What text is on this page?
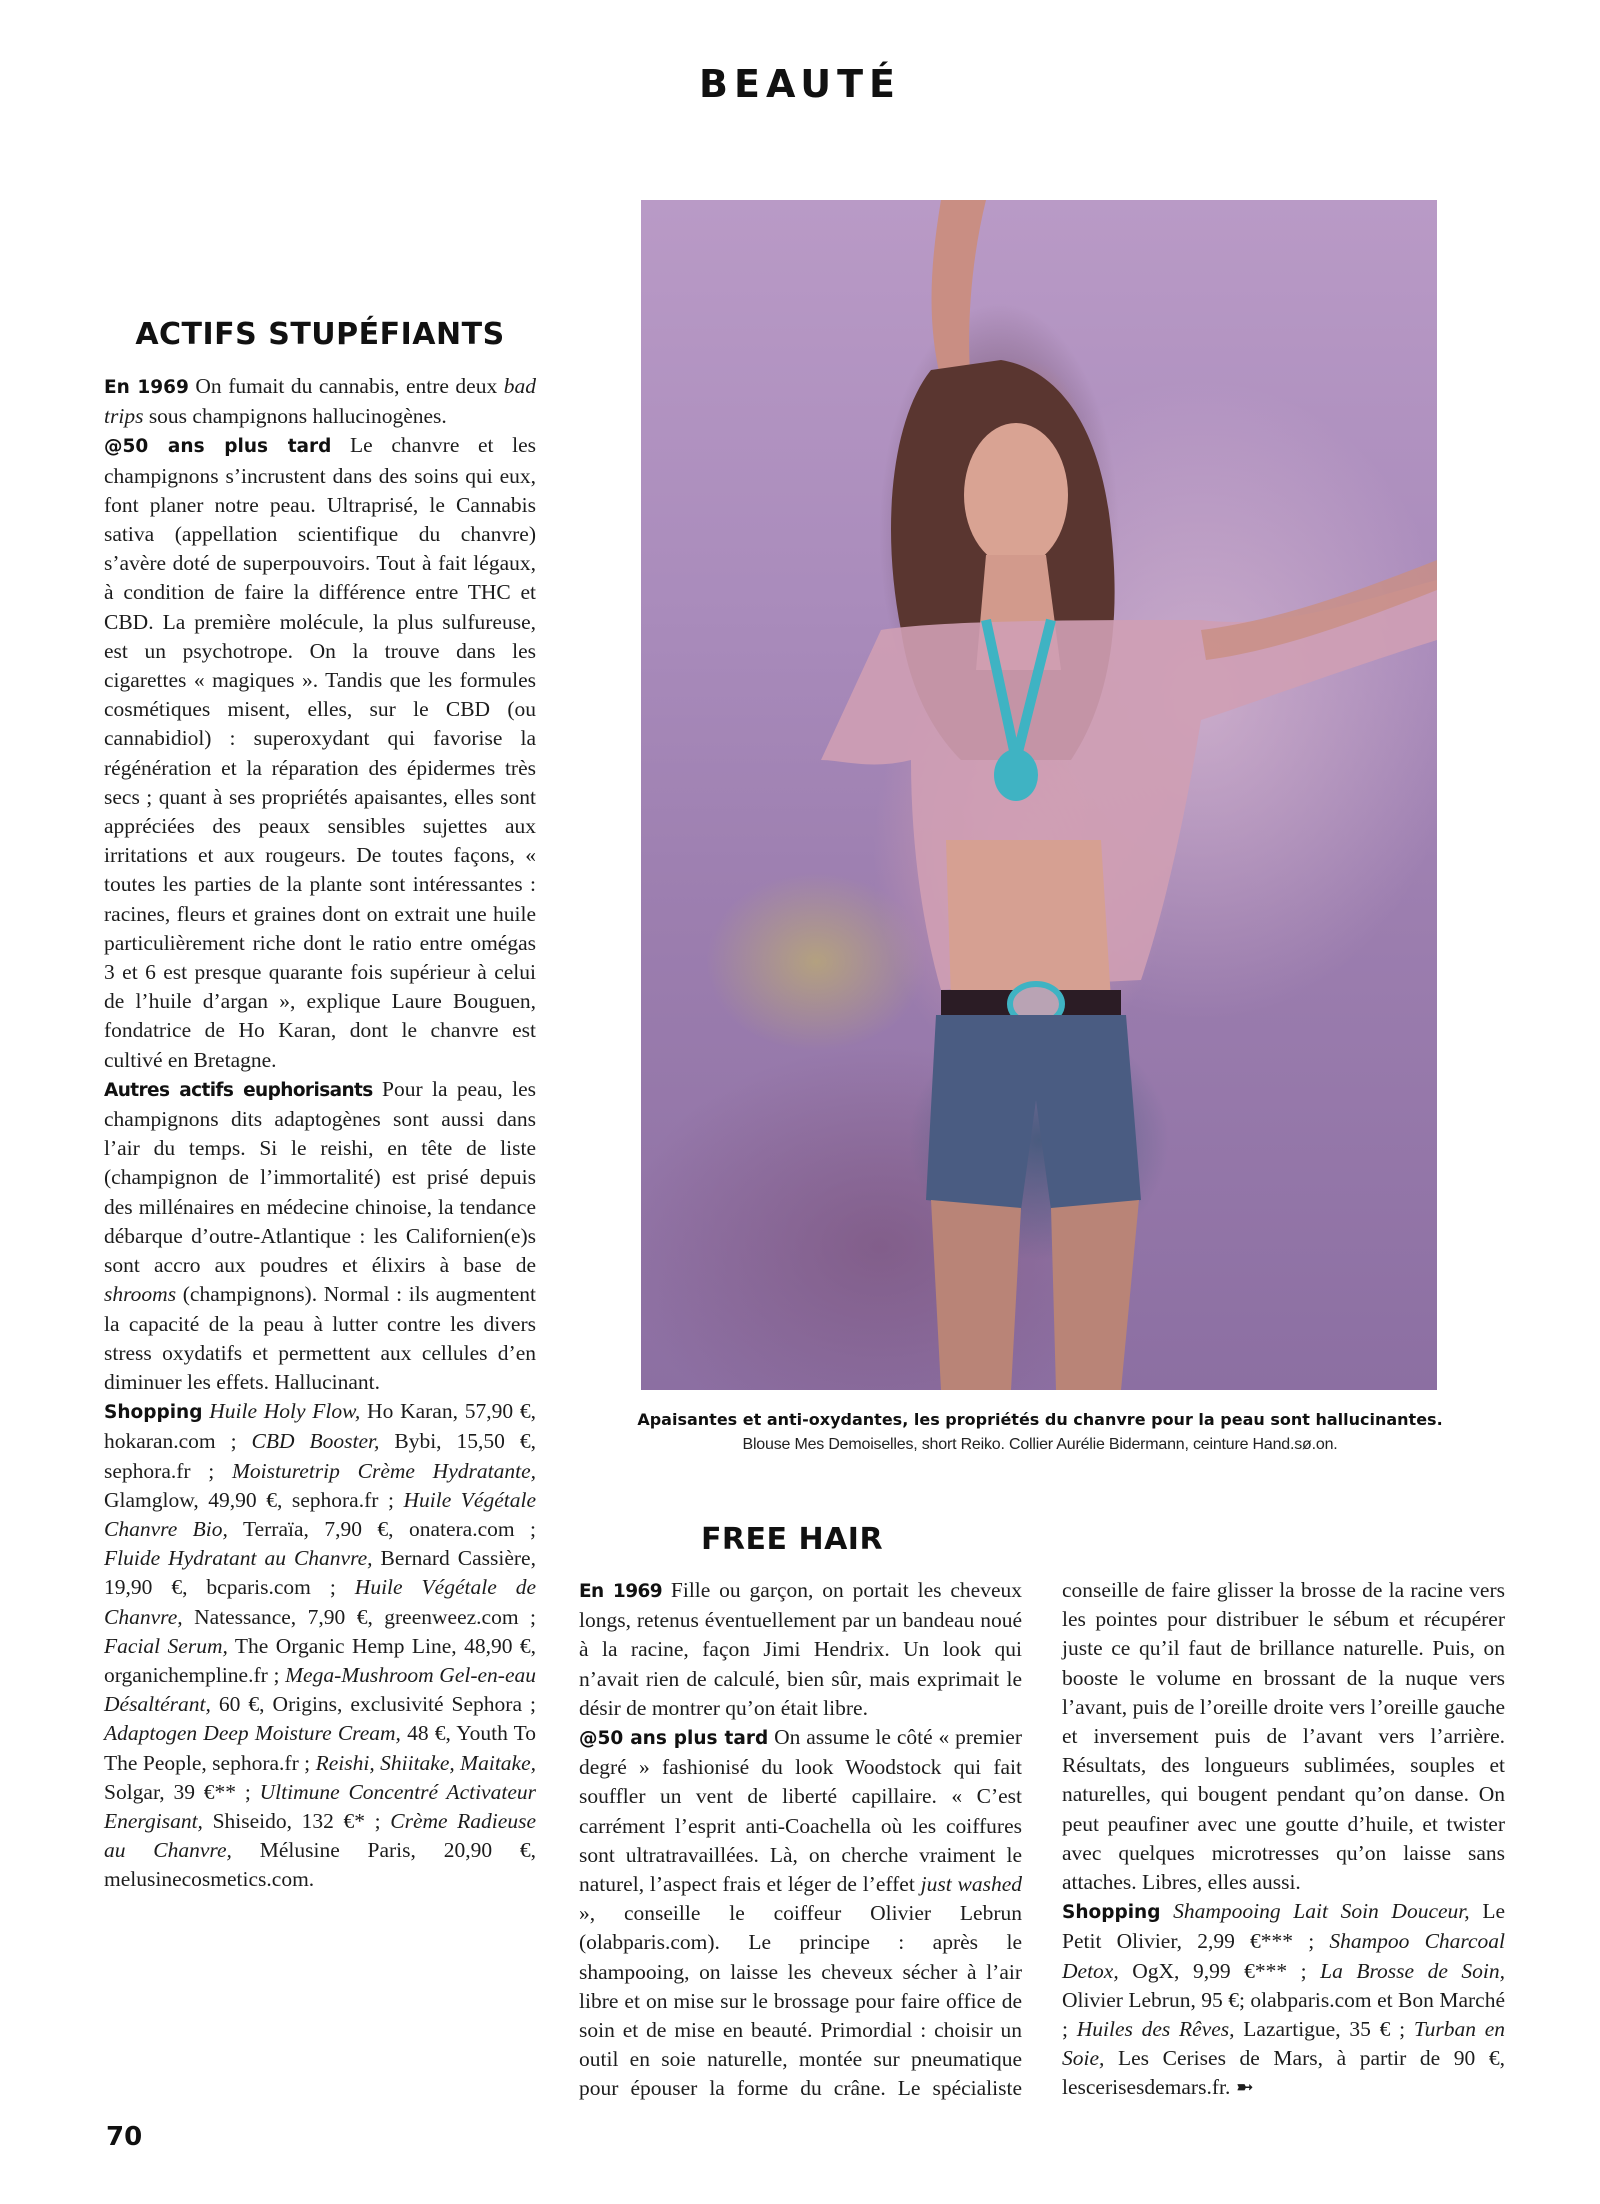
BEAUTÉ
ACTIFS STUPÉFIANTS

En 1969 On fumait du cannabis, entre deux bad trips sous champignons hallucinogènes.

@50 ans plus tard Le chanvre et les champignons s’incrustent dans des soins qui eux, font planer notre peau. Ultraprisé, le Cannabis sativa (appellation scientifique du chanvre) s’avère doté de superpouvoirs. Tout à fait légaux, à condition de faire la différence entre THC et CBD. La première molécule, la plus sulfureuse, est un psychotrope. On la trouve dans les cigarettes « magiques ». Tandis que les formules cosmétiques misent, elles, sur le CBD (ou cannabidiol) : superoxydant qui favorise la régénération et la réparation des épidermes très secs ; quant à ses propriétés apaisantes, elles sont appréciées des peaux sensibles sujettes aux irritations et aux rougeurs. De toutes façons, « toutes les parties de la plante sont intéressantes : racines, fleurs et graines dont on extrait une huile particulièrement riche dont le ratio entre omégas 3 et 6 est presque quarante fois supérieur à celui de l’huile d’argan », explique Laure Bouguen, fondatrice de Ho Karan, dont le chanvre est cultivé en Bretagne.

Autres actifs euphorisants Pour la peau, les champignons dits adaptogènes sont aussi dans l’air du temps. Si le reishi, en tête de liste (champignon de l’immortalité) est prisé depuis des millénaires en médecine chinoise, la tendance débarque d’outre-Atlantique : les Californien(e)s sont accro aux poudres et élixirs à base de shrooms (champignons). Normal : ils augmentent la capacité de la peau à lutter contre les divers stress oxydatifs et permettent aux cellules d’en diminuer les effets. Hallucinant.

Shopping Huile Holy Flow, Ho Karan, 57,90 €, hokaran.com ; CBD Booster, Bybi, 15,50 €, sephora.fr ; Moisturetrip Crème Hydratante, Glamglow, 49,90 €, sephora.fr ; Huile Végétale Chanvre Bio, Terraïa, 7,90 €, onatera.com ; Fluide Hydratant au Chanvre, Bernard Cassière, 19,90 €, bcparis.com ; Huile Végétale de Chanvre, Natessance, 7,90 €, greenweez.com ; Facial Serum, The Organic Hemp Line, 48,90 €, organichempline.fr ; Mega-Mushroom Gel-en-eau Désaltérant, 60 €, Origins, exclusivité Sephora ; Adaptogen Deep Moisture Cream, 48 €, Youth To The People, sephora.fr ; Reishi, Shiitake, Maitake, Solgar, 39 €** ; Ultimune Concentré Activateur Energisant, Shiseido, 132 €* ; Crème Radieuse au Chanvre, Mélusine Paris, 20,90 €, melusinecosmetics.com.

Apaisantes et anti-oxydantes, les propriétés du chanvre pour la peau sont hallucinantes.
Blouse Mes Demoiselles, short Reiko. Collier Aurélie Bidermann, ceinture Hand.sø.on.
FREE HAIR

En 1969 Fille ou garçon, on portait les cheveux longs, retenus éventuellement par un bandeau noué à la racine, façon Jimi Hendrix. Un look qui n’avait rien de calculé, bien sûr, mais exprimait le désir de montrer qu’on était libre.

@50 ans plus tard On assume le côté « premier degré » fashionisé du look Woodstock qui fait souffler un vent de liberté capillaire. « C’est carrément l’esprit anti-Coachella où les coiffures sont ultratravaillées. Là, on cherche vraiment le naturel, l’aspect frais et léger de l’effet just washed », conseille le coiffeur Olivier Lebrun (olabparis.com). Le principe : après le shampooing, on laisse les cheveux sécher à l’air libre et on mise sur le brossage pour faire office de soin et de mise en beauté. Primordial : choisir un outil en soie naturelle, montée sur pneumatique pour épouser la forme du crâne. Le spécialiste conseille de faire glisser la brosse de la racine vers les pointes pour distribuer le sébum et récupérer juste ce qu’il faut de brillance naturelle. Puis, on booste le volume en brossant de la nuque vers l’avant, puis de l’oreille droite vers l’oreille gauche et inversement puis de l’avant vers l’arrière. Résultats, des longueurs sublimées, souples et naturelles, qui bougent pendant qu’on danse. On peut peaufiner avec une goutte d’huile, et twister avec quelques microtresses qu’on laisse sans attaches. Libres, elles aussi.

Shopping Shampooing Lait Soin Douceur, Le Petit Olivier, 2,99 €*** ; Shampoo Charcoal Detox, OgX, 9,99 €*** ; La Brosse de Soin, Olivier Lebrun, 95 €; olabparis.com et Bon Marché ; Huiles des Rêves, Lazartigue, 35 € ; Turban en Soie, Les Cerises de Mars, à partir de 90 €, lescerisesdemars.fr. ➼

70
